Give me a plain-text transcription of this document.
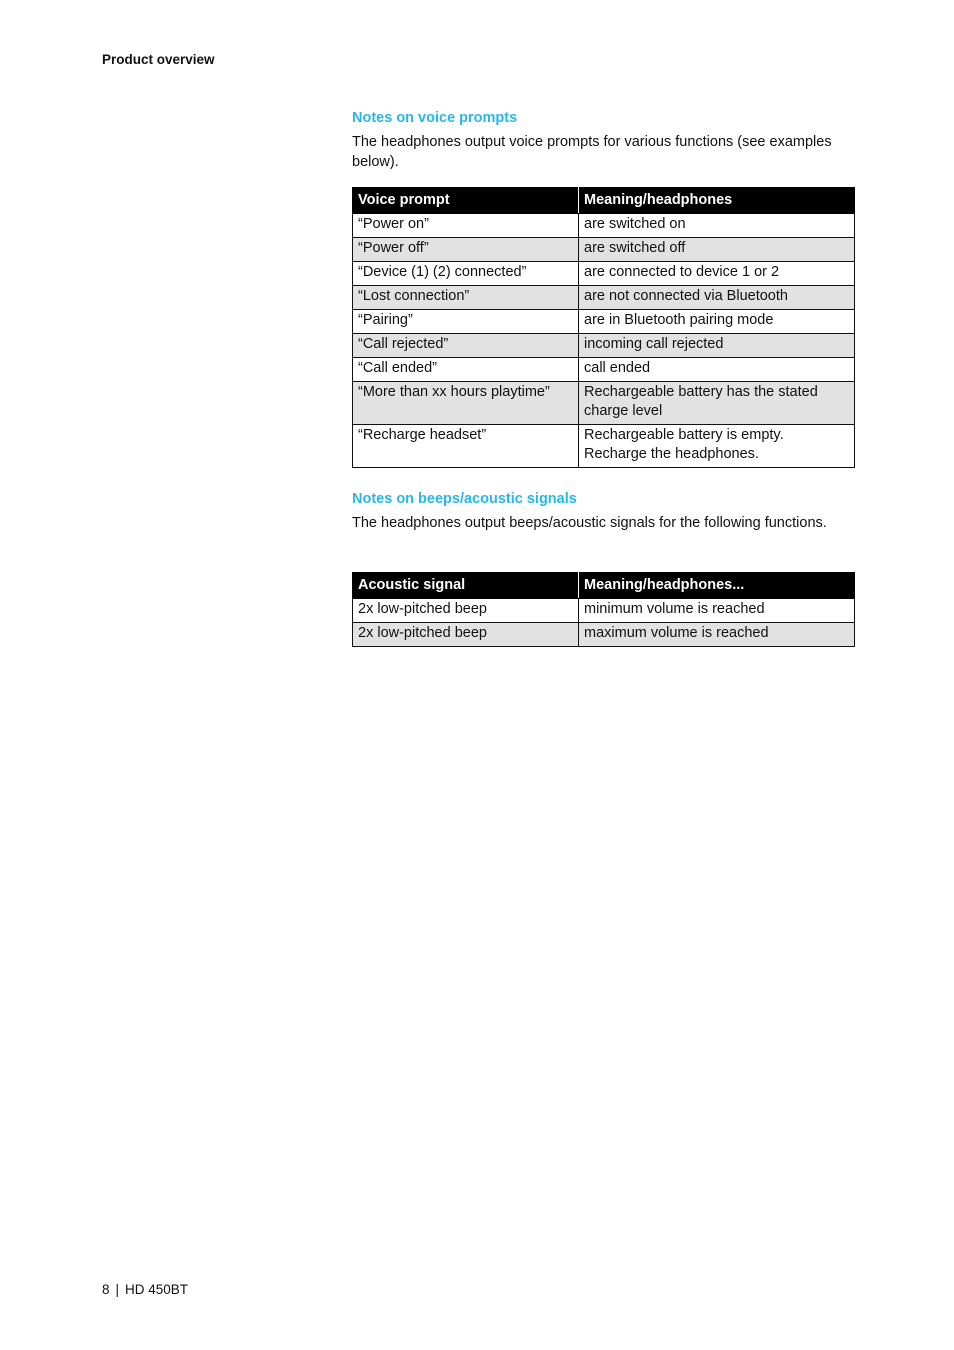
Product overview
Notes on voice prompts
The headphones output voice prompts for various functions (see examples below).
Voice prompt	Meaning/headphones
“Power on”	are switched on
“Power off”	are switched off
“Device (1) (2) connected”	are connected to device 1 or 2
“Lost connection”	are not connected via Bluetooth
“Pairing”	are in Bluetooth pairing mode
“Call rejected”	incoming call rejected
“Call ended”	call ended
“More than xx hours playtime”	Rechargeable battery has the stated charge level
“Recharge headset”	Rechargeable battery is empty. Recharge the headphones.
Notes on beeps/acoustic signals
The headphones output beeps/acoustic signals for the following functions.
Acoustic signal	Meaning/headphones...
2x low-pitched beep	minimum volume is reached
2x low-pitched beep	maximum volume is reached
8 | HD 450BT
